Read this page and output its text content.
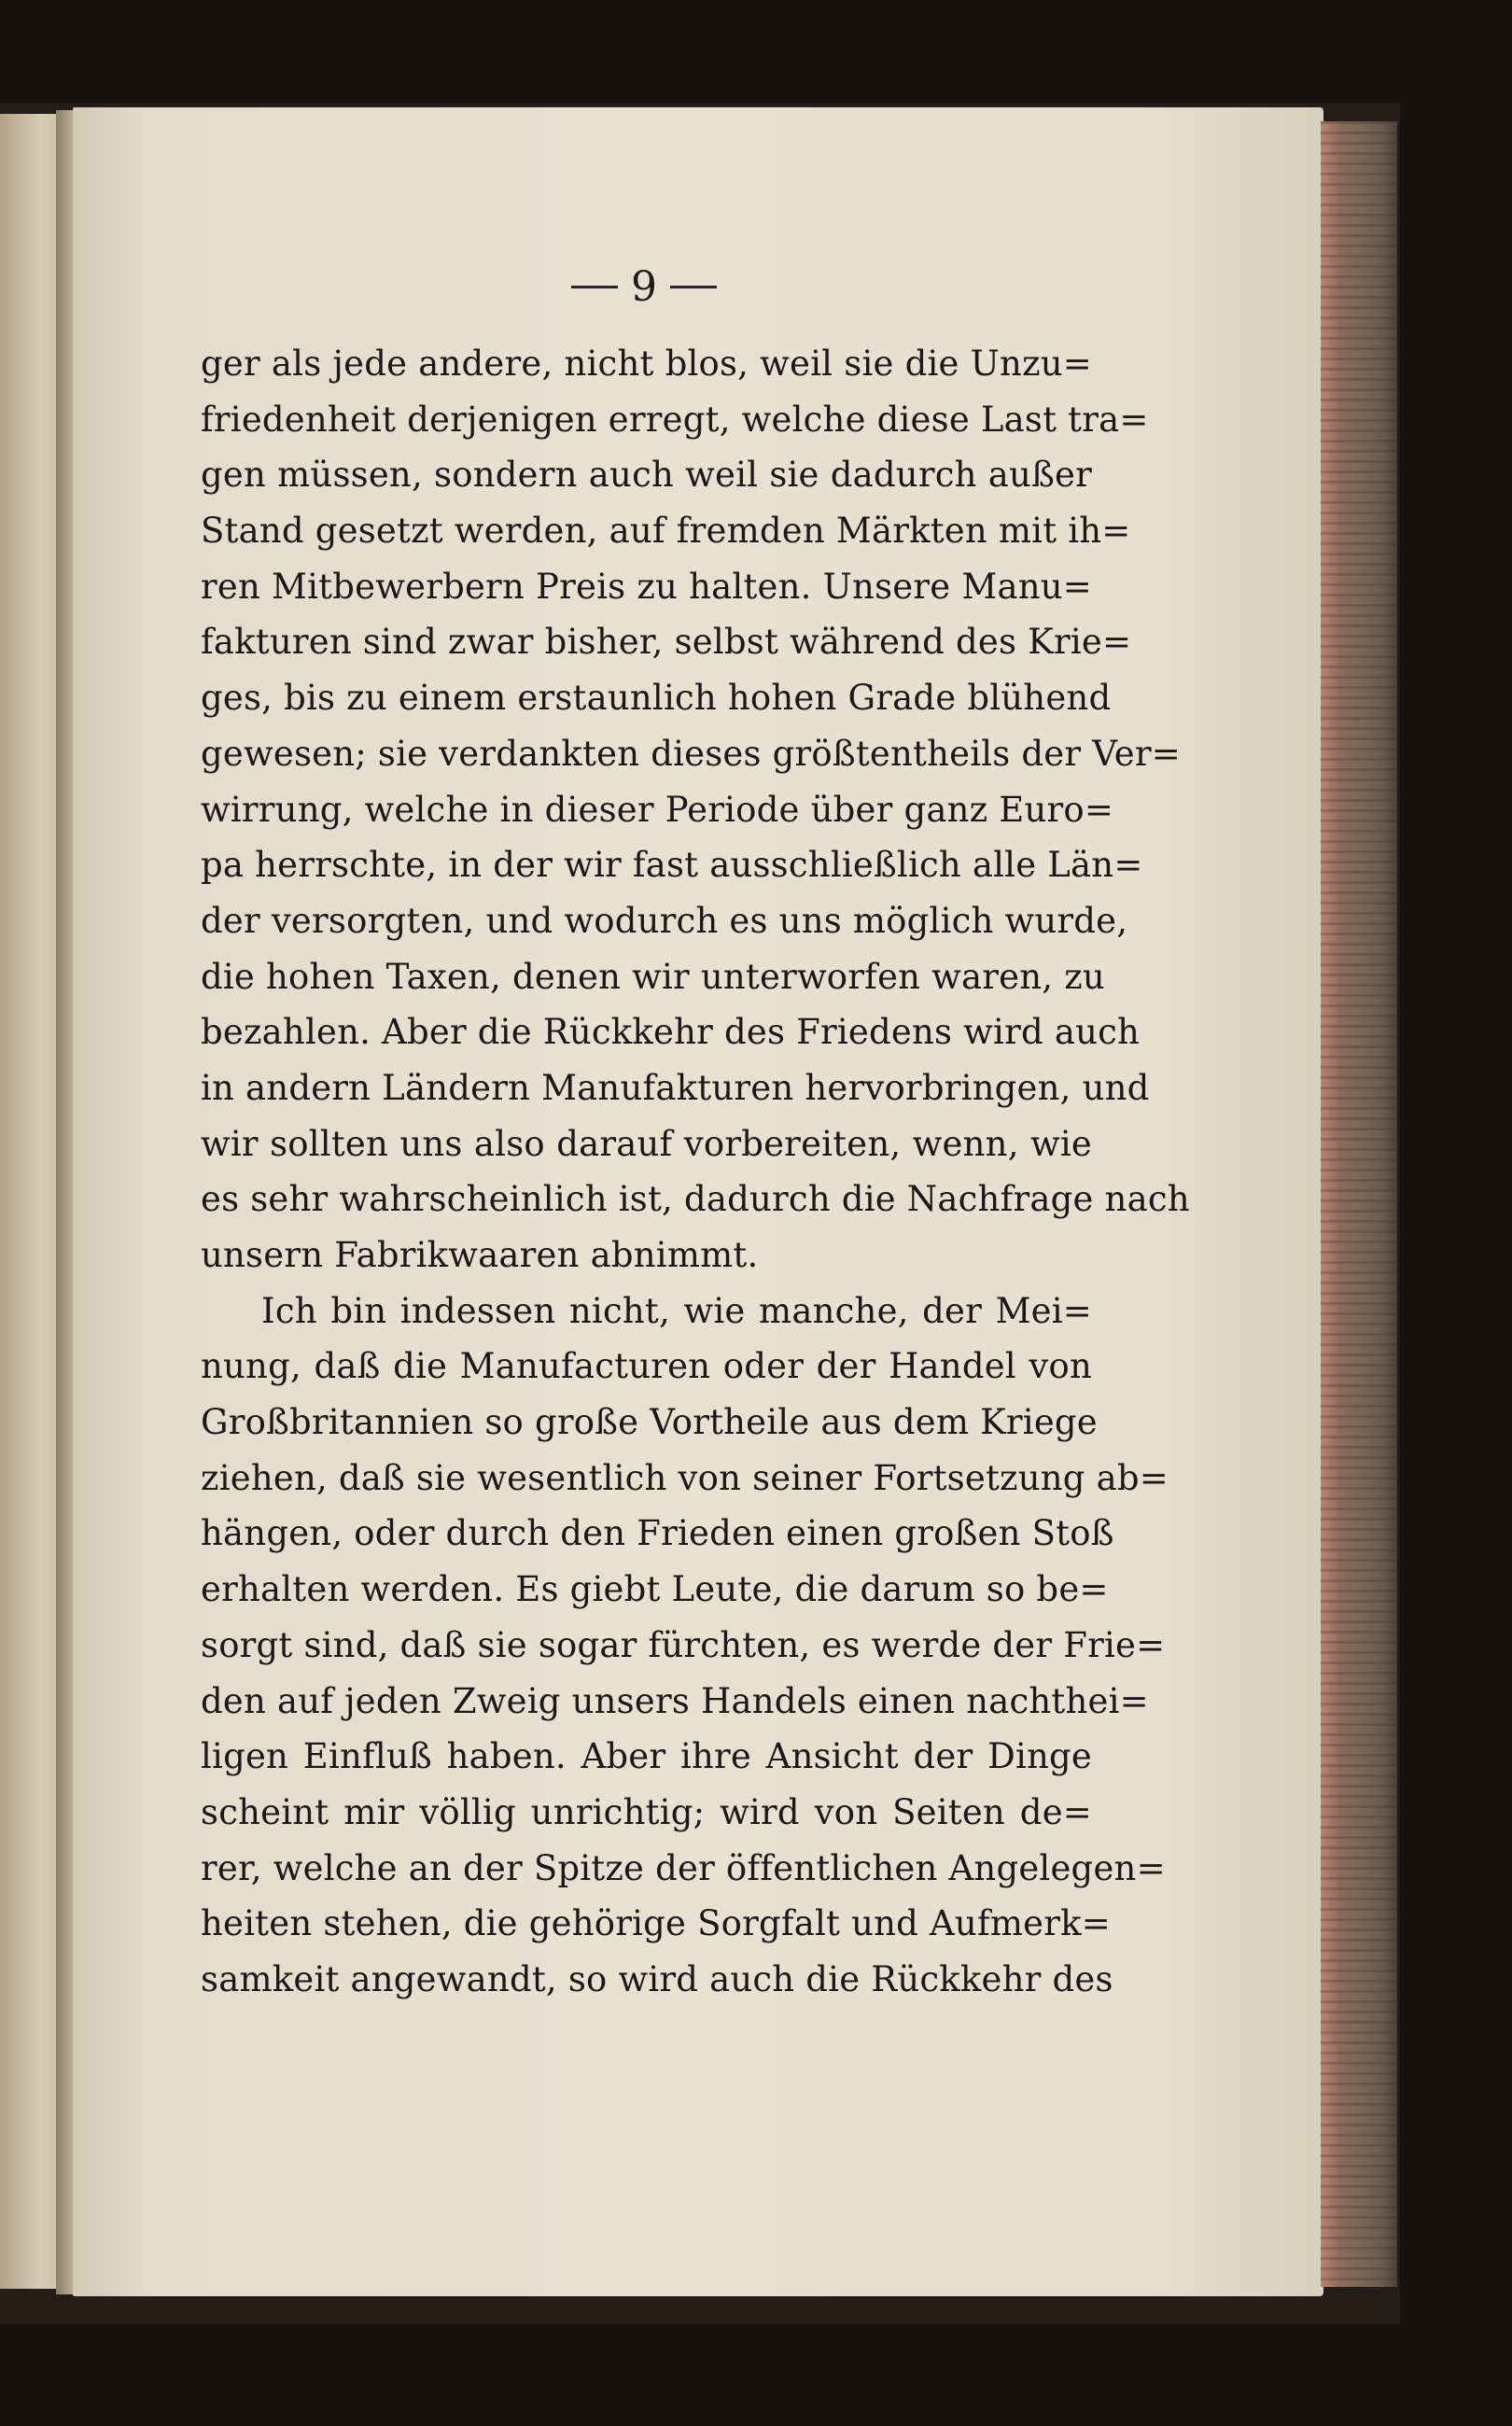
9
ger als jede andere, nicht blos, weil sie die Unzu=
friedenheit derjenigen erregt, welche diese Last tra=
gen müssen, sondern auch weil sie dadurch außer
Stand gesetzt werden, auf fremden Märkten mit ih=
ren Mitbewerbern Preis zu halten. Unsere Manu=
fakturen sind zwar bisher, selbst während des Krie=
ges, bis zu einem erstaunlich hohen Grade blühend
gewesen; sie verdankten dieses größtentheils der Ver=
wirrung, welche in dieser Periode über ganz Euro=
pa herrschte, in der wir fast ausschließlich alle Län=
der versorgten, und wodurch es uns möglich wurde,
die hohen Taxen, denen wir unterworfen waren, zu
bezahlen. Aber die Rückkehr des Friedens wird auch
in andern Ländern Manufakturen hervorbringen, und
wir sollten uns also darauf vorbereiten, wenn, wie
es sehr wahrscheinlich ist, dadurch die Nachfrage nach
unsern Fabrikwaaren abnimmt.
Ich bin indessen nicht, wie manche, der Mei=
nung, daß die Manufacturen oder der Handel von
Großbritannien so große Vortheile aus dem Kriege
ziehen, daß sie wesentlich von seiner Fortsetzung ab=
hängen, oder durch den Frieden einen großen Stoß
erhalten werden. Es giebt Leute, die darum so be=
sorgt sind, daß sie sogar fürchten, es werde der Frie=
den auf jeden Zweig unsers Handels einen nachthei=
ligen Einfluß haben. Aber ihre Ansicht der Dinge
scheint mir völlig unrichtig; wird von Seiten de=
rer, welche an der Spitze der öffentlichen Angelegen=
heiten stehen, die gehörige Sorgfalt und Aufmerk=
samkeit angewandt, so wird auch die Rückkehr des
